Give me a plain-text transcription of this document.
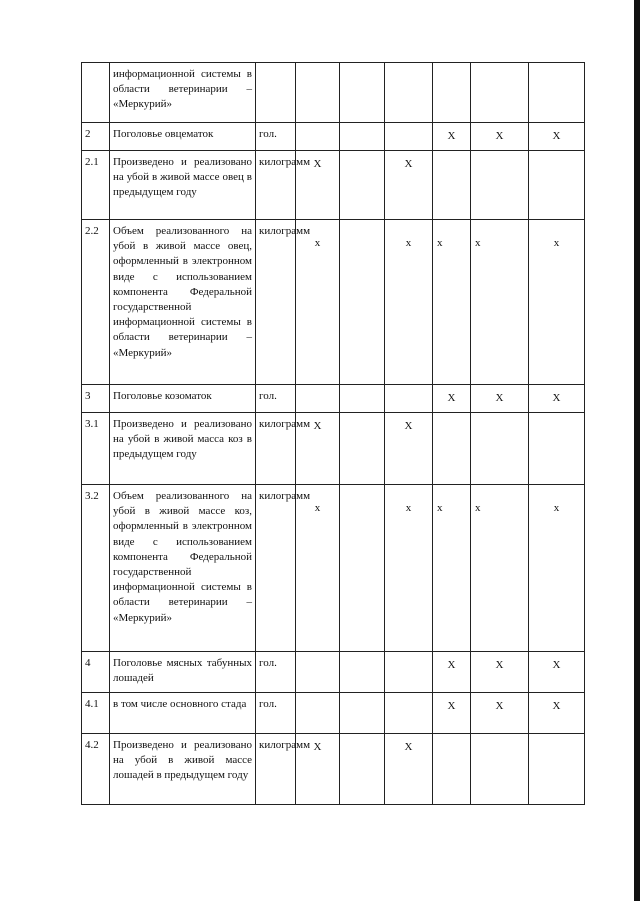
	информационной системы в области ветеринарии – «Меркурий»							
2	Поголовье овцематок	гол.				Х	Х	Х
2.1	Произведено и реализовано на убой в живой массе овец в предыдущем году	килограмм	Х		Х			
2.2	Объем реализованного на убой в живой массе овец, оформленный в электронном виде с использованием компонента Федеральной государственной информационной системы в области ветеринарии – «Меркурий»	килограмм	х		х	х	х	х
3	Поголовье козоматок	гол.				Х	Х	Х
3.1	Произведено и реализовано на убой в живой масса коз в предыдущем году	килограмм	Х		Х			
3.2	Объем реализованного на убой в живой массе коз, оформленный в электронном виде с использованием компонента Федеральной государственной информационной системы в области ветеринарии – «Меркурий»	килограмм	х		х	х	х	х
4	Поголовье мясных табунных лошадей	гол.				Х	Х	Х
4.1	в том числе основного стада	гол.				Х	Х	Х
4.2	Произведено и реализовано на убой в живой массе лошадей в предыдущем году	килограмм	Х		Х			
